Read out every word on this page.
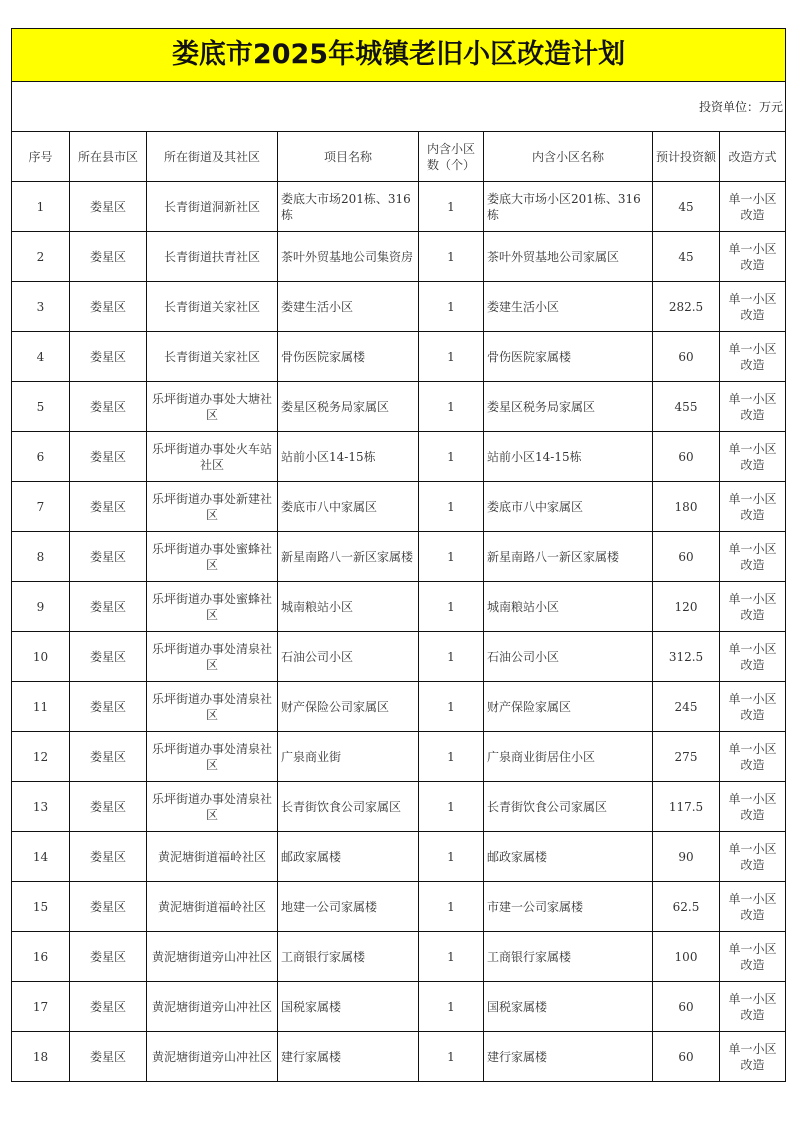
娄底市2025年城镇老旧小区改造计划							
投资单位：万元							
序号	所在县市区	所在街道及其社区	项目名称	内含小区数（个）	内含小区名称	预计投资额	改造方式
1	娄星区	长青街道洞新社区	娄底大市场201栋、316栋	1	娄底大市场小区201栋、316栋	45	单一小区改造
2	娄星区	长青街道扶青社区	茶叶外贸基地公司集资房	1	茶叶外贸基地公司家属区	45	单一小区改造
3	娄星区	长青街道关家社区	娄建生活小区	1	娄建生活小区	282.5	单一小区改造
4	娄星区	长青街道关家社区	骨伤医院家属楼	1	骨伤医院家属楼	60	单一小区改造
5	娄星区	乐坪街道办事处大塘社区	娄星区税务局家属区	1	娄星区税务局家属区	455	单一小区改造
6	娄星区	乐坪街道办事处火车站社区	站前小区14-15栋	1	站前小区14-15栋	60	单一小区改造
7	娄星区	乐坪街道办事处新建社区	娄底市八中家属区	1	娄底市八中家属区	180	单一小区改造
8	娄星区	乐坪街道办事处蜜蜂社区	新星南路八一新区家属楼	1	新星南路八一新区家属楼	60	单一小区改造
9	娄星区	乐坪街道办事处蜜蜂社区	城南粮站小区	1	城南粮站小区	120	单一小区改造
10	娄星区	乐坪街道办事处清泉社区	石油公司小区	1	石油公司小区	312.5	单一小区改造
11	娄星区	乐坪街道办事处清泉社区	财产保险公司家属区	1	财产保险家属区	245	单一小区改造
12	娄星区	乐坪街道办事处清泉社区	广泉商业街	1	广泉商业街居住小区	275	单一小区改造
13	娄星区	乐坪街道办事处清泉社区	长青街饮食公司家属区	1	长青街饮食公司家属区	117.5	单一小区改造
14	娄星区	黄泥塘街道福岭社区	邮政家属楼	1	邮政家属楼	90	单一小区改造
15	娄星区	黄泥塘街道福岭社区	地建一公司家属楼	1	市建一公司家属楼	62.5	单一小区改造
16	娄星区	黄泥塘街道旁山冲社区	工商银行家属楼	1	工商银行家属楼	100	单一小区改造
17	娄星区	黄泥塘街道旁山冲社区	国税家属楼	1	国税家属楼	60	单一小区改造
18	娄星区	黄泥塘街道旁山冲社区	建行家属楼	1	建行家属楼	60	单一小区改造
